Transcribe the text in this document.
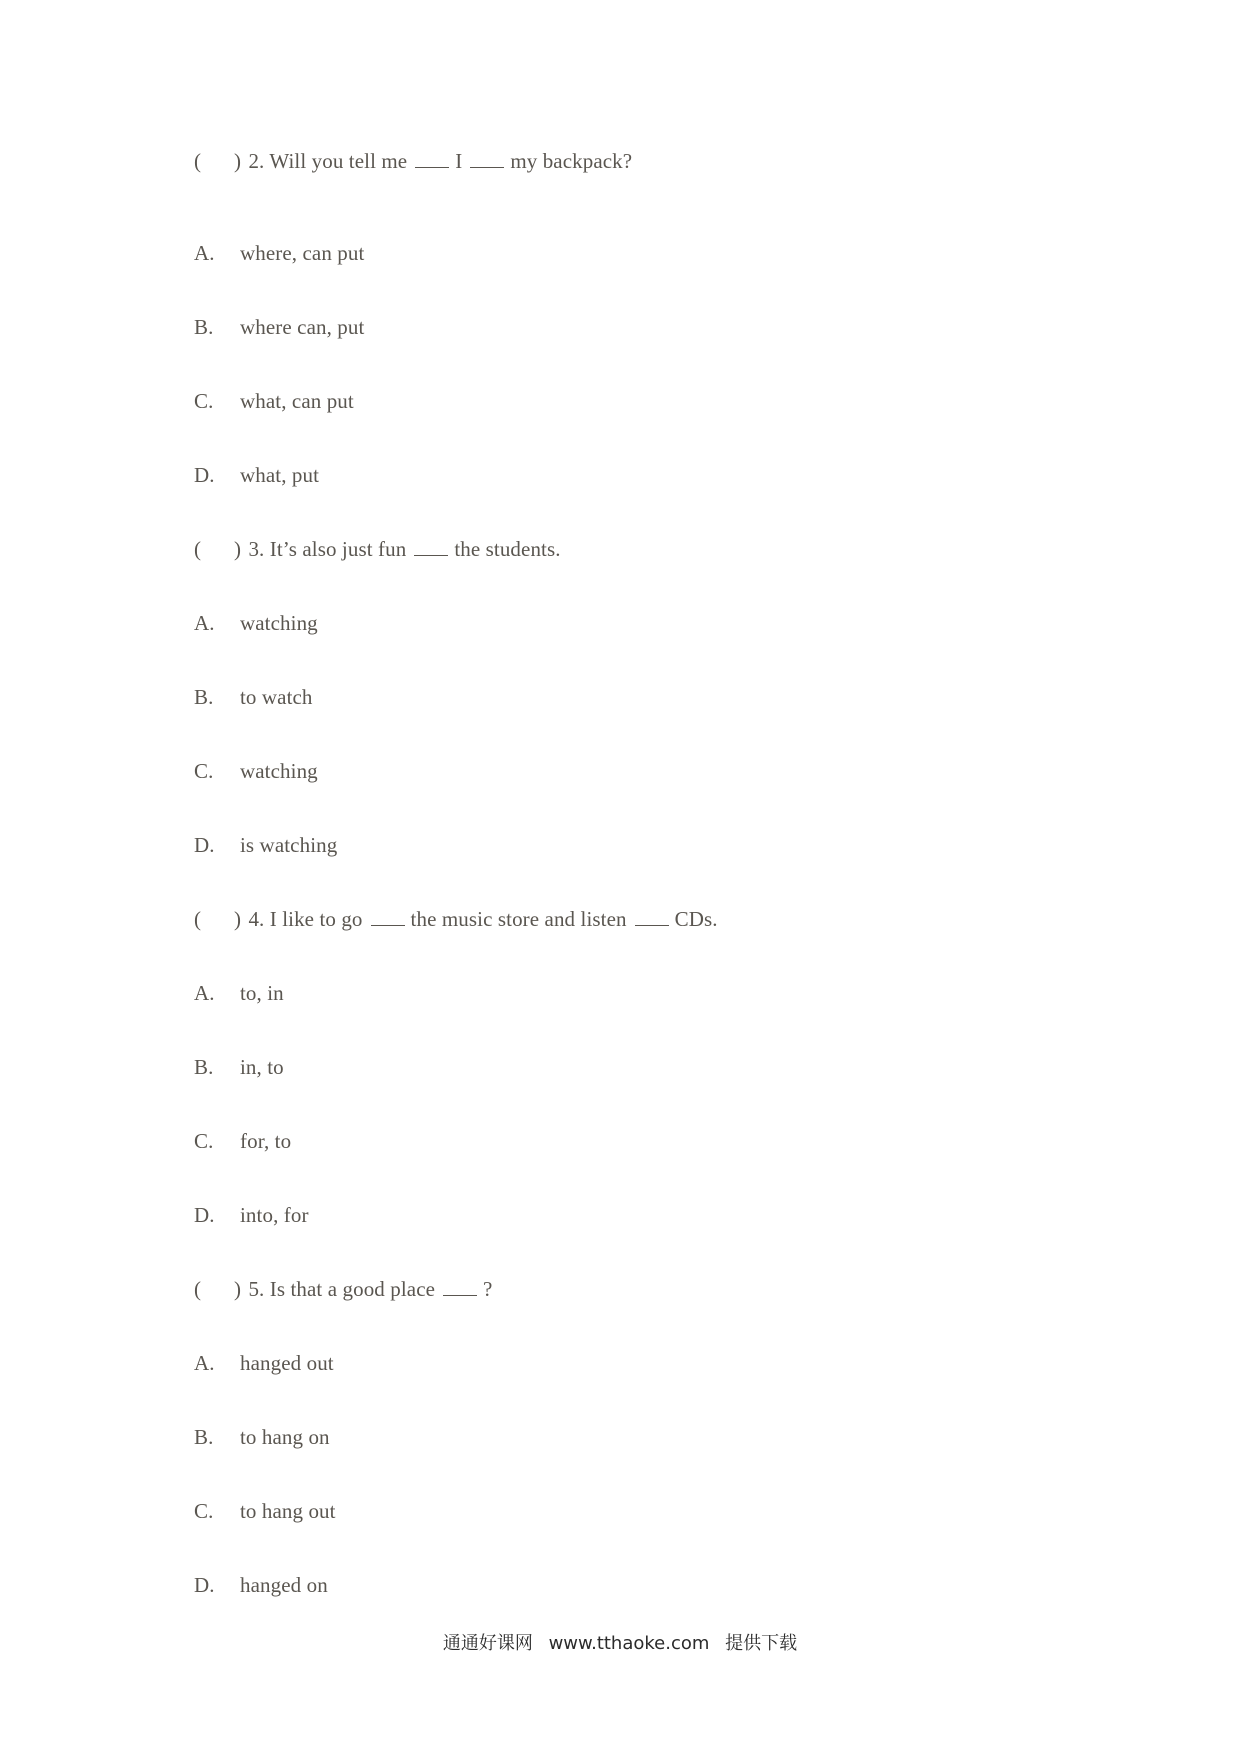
( ) 2. Will you tell me I my backpack?
A. where, can put
B. where can, put
C. what, can put
D. what, put
( ) 3. It’s also just fun the students.
A. watching
B. to watch
C. watching
D. is watching
( ) 4. I like to go the music store and listen CDs.
A. to, in
B. in, to
C. for, to
D. into, for
( ) 5. Is that a good place ?
A. hanged out
B. to hang on
C. to hang out
D. hanged on
通通好课网 www.tthaoke.com 提供下载
